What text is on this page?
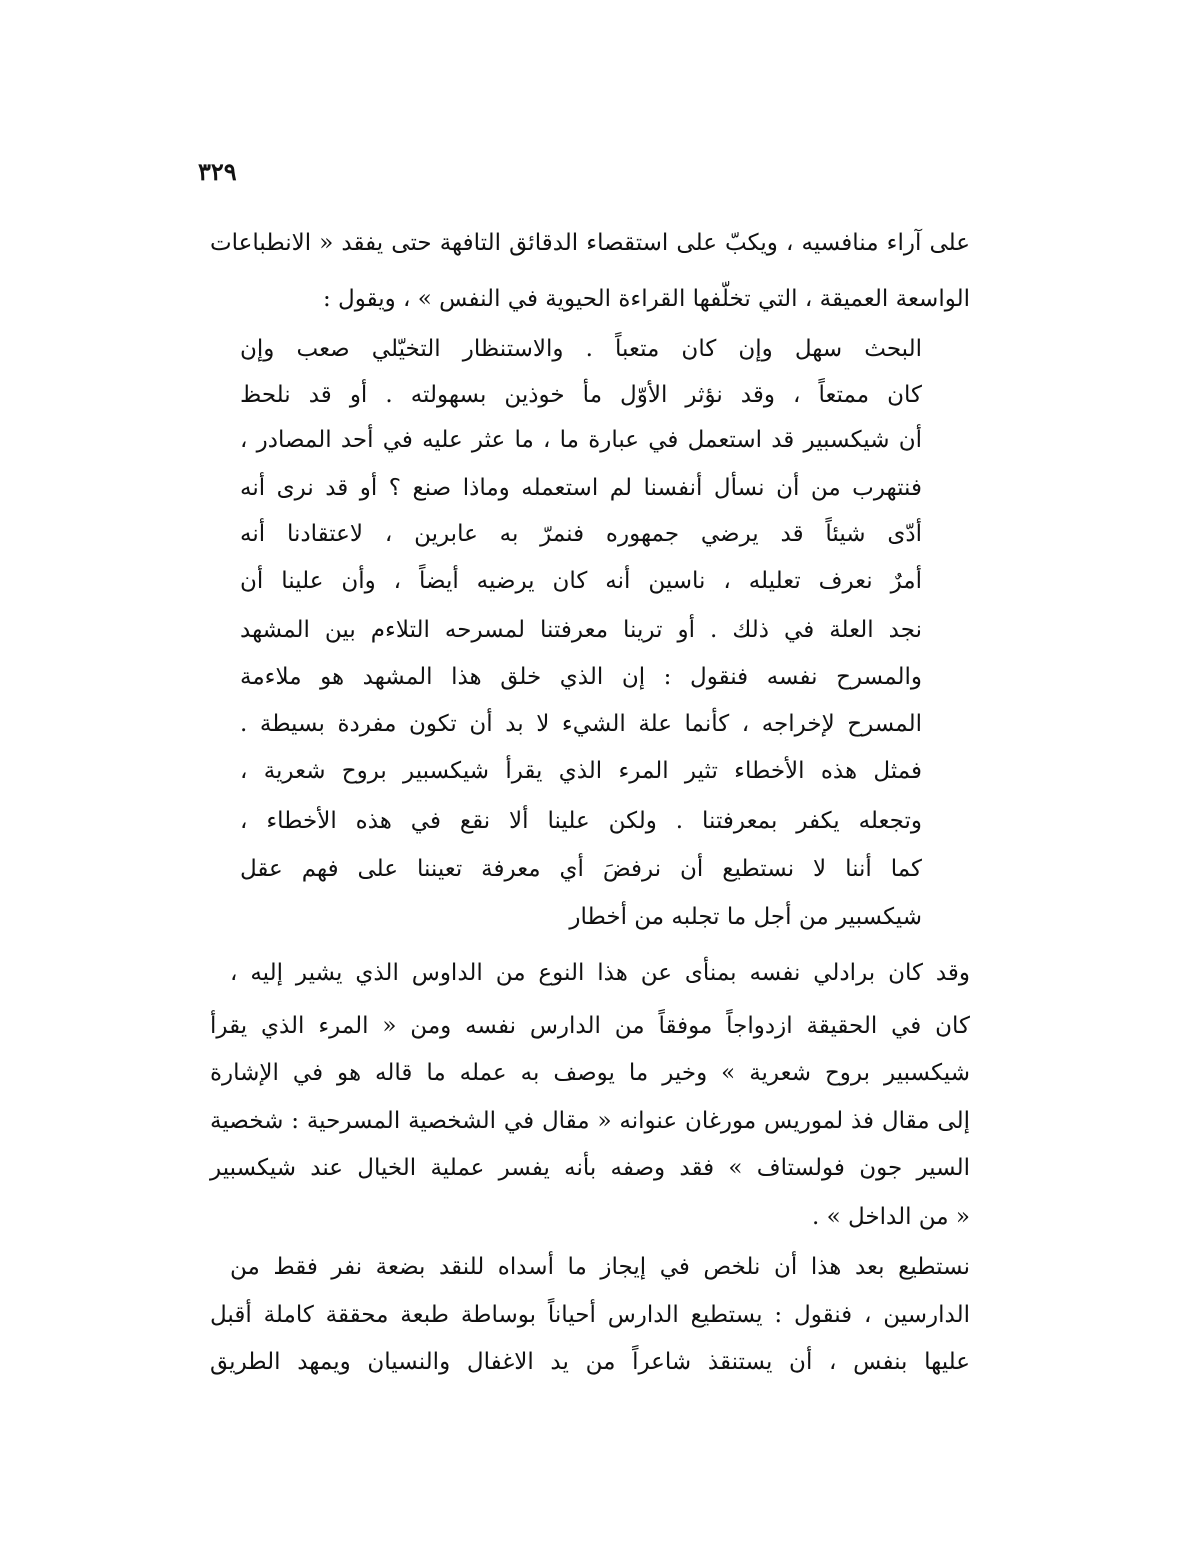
٣٢٩
على آراء منافسيه ، ويكبّ على استقصاء الدقائق التافهة حتى يفقد « الانطباعات
الواسعة العميقة ، التي تخلّفها القراءة الحيوية في النفس » ، ويقول :
البحث سهل وإن كان متعباً . والاستنظار التخيّلي صعب وإن
كان ممتعاً ، وقد نؤثر الأوّل مأ خوذين بسهولته . أو قد نلحظ
أن شيكسبير قد استعمل في عبارة ما ، ما عثر عليه في أحد المصادر ،
فنتهرب من أن نسأل أنفسنا لم استعمله وماذا صنع ؟ أو قد نرى أنه
أدّى شيئاً قد يرضي جمهوره فنمرّ به عابرين ، لاعتقادنا أنه
أمرٌ نعرف تعليله ، ناسين أنه كان يرضيه أيضاً ، وأن علينا أن
نجد العلة في ذلك . أو ترينا معرفتنا لمسرحه التلاءم بين المشهد
والمسرح نفسه فنقول : إن الذي خلق هذا المشهد هو ملاءمة
المسرح لإخراجه ، كأنما علة الشيء لا بد أن تكون مفردة بسيطة .
فمثل هذه الأخطاء تثير المرء الذي يقرأ شيكسبير بروح شعرية ،
وتجعله يكفر بمعرفتنا . ولكن علينا ألا نقع في هذه الأخطاء ،
كما أننا لا نستطيع أن نرفضَ أي معرفة تعيننا على فهم عقل
شيكسبير من أجل ما تجلبه من أخطار
وقد كان برادلي نفسه بمنأى عن هذا النوع من الداوس الذي يشير إليه ،
كان في الحقيقة ازدواجاً موفقاً من الدارس نفسه ومن « المرء الذي يقرأ
شيكسبير بروح شعرية » وخير ما يوصف به عمله ما قاله هو في الإشارة
إلى مقال فذ لموريس مورغان عنوانه « مقال في الشخصية المسرحية : شخصية
السير جون فولستاف » فقد وصفه بأنه يفسر عملية الخيال عند شيكسبير
« من الداخل » .
نستطيع بعد هذا أن نلخص في إيجاز ما أسداه للنقد بضعة نفر فقط من
الدارسين ، فنقول : يستطيع الدارس أحياناً بوساطة طبعة محققة كاملة أقبل
عليها بنفس ، أن يستنقذ شاعراً من يد الاغفال والنسيان ويمهد الطريق
